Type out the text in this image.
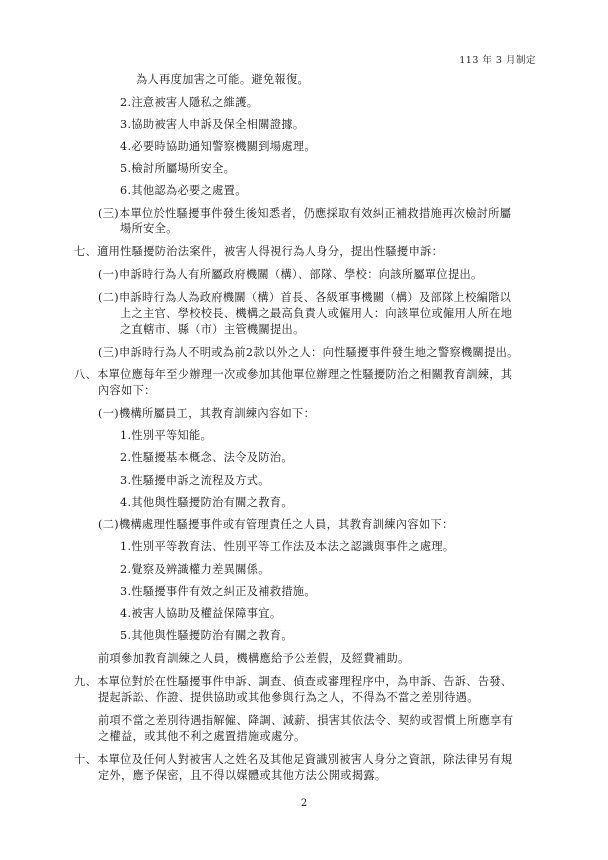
113 年 3 月制定
為人再度加害之可能。避免報復。
2.注意被害人隱私之維護。
3.協助被害人申訴及保全相關證據。
4.必要時協助通知警察機關到場處理。
5.檢討所屬場所安全。
6.其他認為必要之處置。
(三)本單位於性騷擾事件發生後知悉者，仍應採取有效糾正補救措施再次檢討所屬
場所安全。
七、適用性騷擾防治法案件，被害人得視行為人身分，提出性騷擾申訴：
(一)申訴時行為人有所屬政府機關（構）、部隊、學校：向該所屬單位提出。
(二)申訴時行為人為政府機關（構）首長、各級軍事機關（構）及部隊上校編階以
上之主官、學校校長、機構之最高負責人或僱用人：向該單位或僱用人所在地
之直轄市、縣（市）主管機關提出。
(三)申訴時行為人不明或為前2款以外之人：向性騷擾事件發生地之警察機關提出。
八、本單位應每年至少辦理一次或參加其他單位辦理之性騷擾防治之相關教育訓練，其
內容如下：
(一)機構所屬員工，其教育訓練內容如下：
1.性別平等知能。
2.性騷擾基本概念、法令及防治。
3.性騷擾申訴之流程及方式。
4.其他與性騷擾防治有關之教育。
(二)機構處理性騷擾事件或有管理責任之人員，其教育訓練內容如下：
1.性別平等教育法、性別平等工作法及本法之認識與事件之處理。
2.覺察及辨識權力差異關係。
3.性騷擾事件有效之糾正及補救措施。
4.被害人協助及權益保障事宜。
5.其他與性騷擾防治有關之教育。
前項參加教育訓練之人員，機構應給予公差假，及經費補助。
九、本單位對於在性騷擾事件申訴、調查、偵查或審理程序中，為申訴、告訴、告發、
提起訴訟、作證、提供協助或其他參與行為之人，不得為不當之差別待遇。
前項不當之差別待遇指解僱、降調、減薪、損害其依法令、契約或習慣上所應享有
之權益，或其他不利之處置措施或處分。
十、本單位及任何人對被害人之姓名及其他足資識別被害人身分之資訊，除法律另有規
定外，應予保密，且不得以媒體或其他方法公開或揭露。
2
